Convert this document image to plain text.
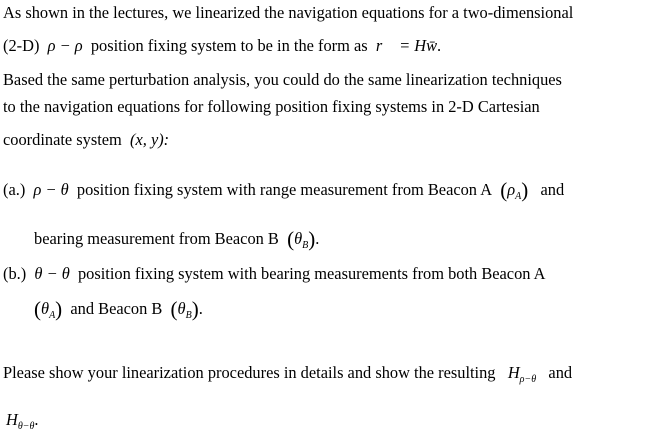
As shown in the lectures, we linearized the navigation equations for a two-dimensional
(2-D) ρ − ρ position fixing system to be in the form as r⃗ = Hw̄.
Based the same perturbation analysis, you could do the same linearization techniques
to the navigation equations for following position fixing systems in 2-D Cartesian
coordinate system (x, y):
(a.) ρ − θ position fixing system with range measurement from Beacon A $(\rho_A)$ and
bearing measurement from Beacon B $(\theta_B)$.
(b.) θ − θ position fixing system with bearing measurements from both Beacon A
$(\theta_A)$ and Beacon B $(\theta_B)$.
Please show your linearization procedures in details and show the resulting $H_{\rho-\theta}$ and
$H_{\theta-\theta}$.
